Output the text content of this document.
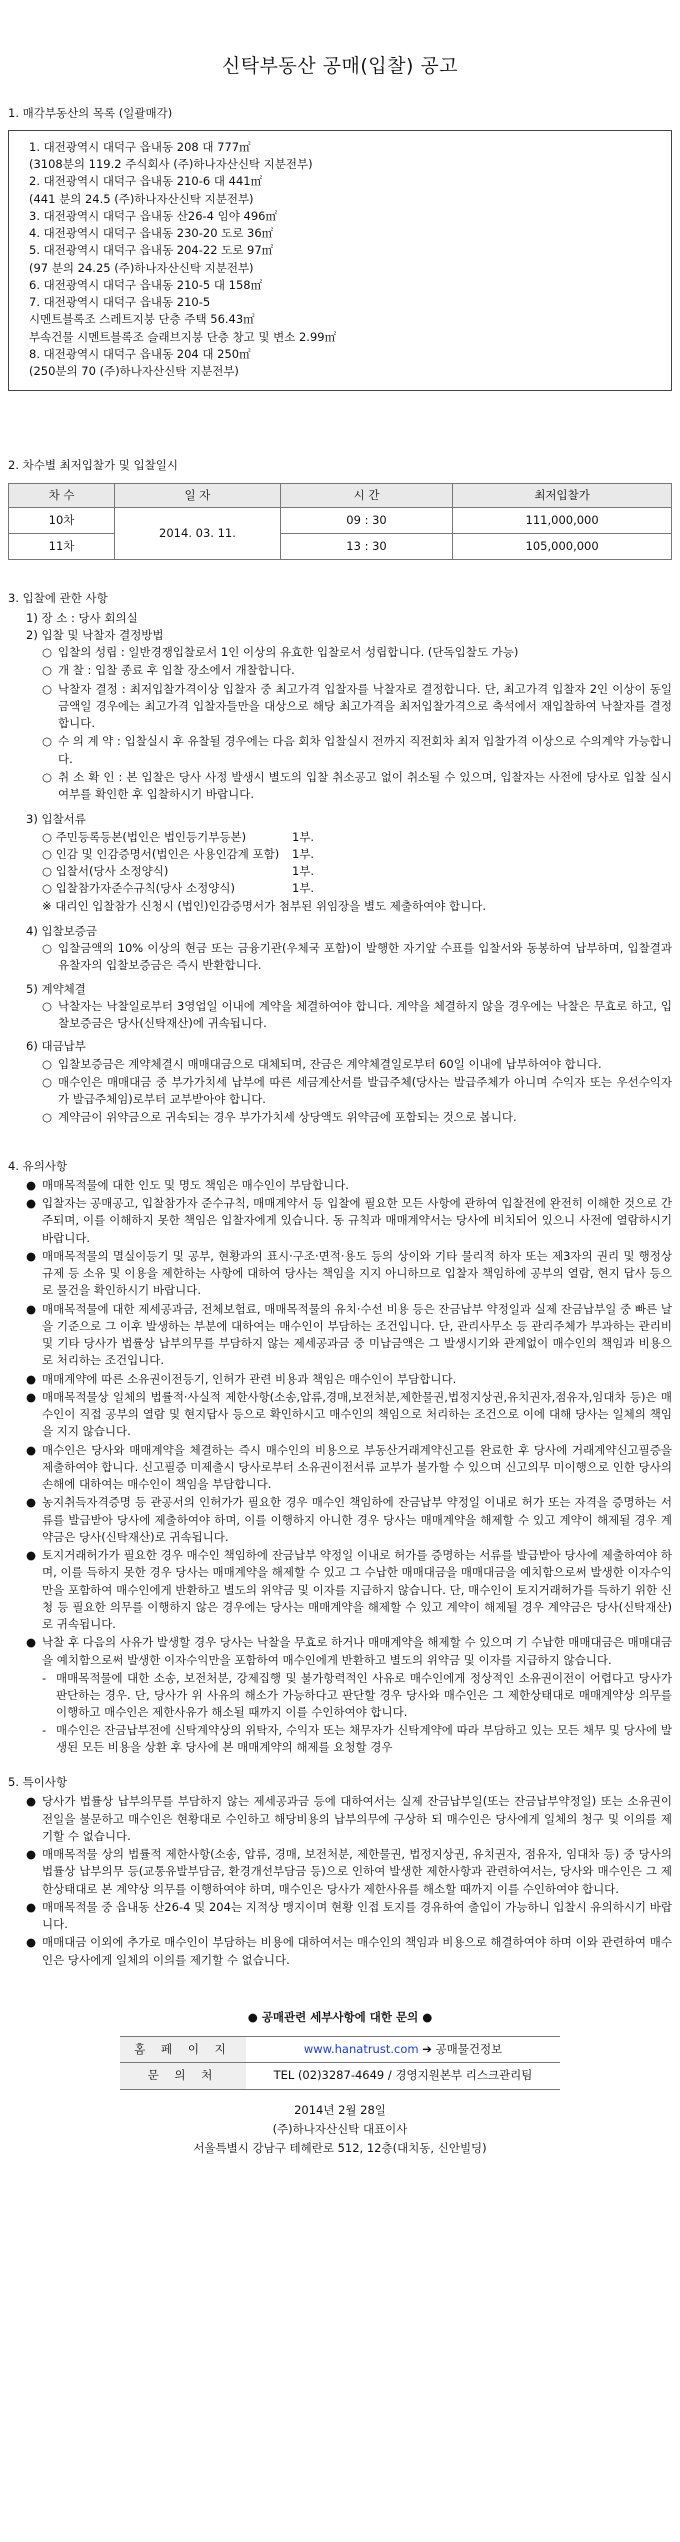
신탁부동산 공매(입찰) 공고
1. 매각부동산의 목록 (일괄매각)
1. 대전광역시 대덕구 읍내동 208 대 777㎡
(3108분의 119.2 주식회사 (주)하나자산신탁 지분전부)
2. 대전광역시 대덕구 읍내동 210-6 대 441㎡
(441 분의 24.5 (주)하나자산신탁 지분전부)
3. 대전광역시 대덕구 읍내동 산26-4 임야 496㎡
4. 대전광역시 대덕구 읍내동 230-20 도로 36㎡
5. 대전광역시 대덕구 읍내동 204-22 도로 97㎡
(97 분의 24.25 (주)하나자산신탁 지분전부)
6. 대전광역시 대덕구 읍내동 210-5 대 158㎡
7. 대전광역시 대덕구 읍내동 210-5
시멘트블록조 스레트지붕 단층 주택 56.43㎡
부속건물 시멘트블록조 슬래브지붕 단층 창고 및 변소 2.99㎡
8. 대전광역시 대덕구 읍내동 204 대 250㎡
(250분의 70 (주)하나자산신탁 지분전부)
2. 차수별 최저입찰가 및 입찰일시
차 수	일 자	시 간	최저입찰가
10차	2014. 03. 11.	09 : 30	111,000,000
11차		13 : 30	105,000,000
3. 입찰에 관한 사항
1) 장 소 : 당사 회의실
2) 입찰 및 낙찰자 결정방법
○ 입찰의 성립 : 일반경쟁입찰로서 1인 이상의 유효한 입찰로서 성립합니다. (단독입찰도 가능)
○ 개 찰 : 입찰 종료 후 입찰 장소에서 개찰합니다.
○ 낙찰자 결정 : 최저입찰가격이상 입찰자 중 최고가격 입찰자를 낙찰자로 결정합니다. 단, 최고가격 입찰자 2인 이상이 동일금액일 경우에는 최고가격 입찰자들만을 대상으로 해당 최고가격을 최저입찰가격으로 축석에서 재입찰하여 낙찰자를 결정합니다.
○ 수 의 계 약 : 입찰실시 후 유찰될 경우에는 다음 회차 입찰실시 전까지 직전회차 최저 입찰가격 이상으로 수의계약 가능합니다.
○ 취 소 확 인 : 본 입찰은 당사 사정 발생시 별도의 입찰 취소공고 없이 취소될 수 있으며, 입찰자는 사전에 당사로 입찰 실시 여부를 확인한 후 입찰하시기 바랍니다.
3) 입찰서류
○ 주민등록등본(법인은 법인등기부등본)	1부.
○ 인감 및 인감증명서(법인은 사용인감계 포함)	1부.
○ 입찰서(당사 소정양식)	1부.
○ 입찰참가자준수규칙(당사 소정양식)	1부.
※ 대리인 입찰참가 신청시 (법인)인감증명서가 첨부된 위임장을 별도 제출하여야 합니다.
4) 입찰보증금
○ 입찰금액의 10% 이상의 현금 또는 금융기관(우체국 포함)이 발행한 자기앞 수표를 입찰서와 동봉하여 납부하며, 입찰결과 유찰자의 입찰보증금은 즉시 반환합니다.
5) 계약체결
○ 낙찰자는 낙찰일로부터 3영업일 이내에 계약을 체결하여야 합니다. 계약을 체결하지 않을 경우에는 낙찰은 무효로 하고, 입찰보증금은 당사(신탁재산)에 귀속됩니다.
6) 대금납부
○ 입찰보증금은 계약체결시 매매대금으로 대체되며, 잔금은 계약체결일로부터 60일 이내에 납부하여야 합니다.
○ 매수인은 매매대금 중 부가가치세 납부에 따른 세금계산서를 발급주체(당사는 발급주체가 아니며 수익자 또는 우선수익자가 발급주체임)로부터 교부받아야 합니다.
○ 계약금이 위약금으로 귀속되는 경우 부가가치세 상당액도 위약금에 포함되는 것으로 봅니다.
4. 유의사항
● 매매목적물에 대한 인도 및 명도 책임은 매수인이 부담합니다.
● 입찰자는 공매공고, 입찰참가자 준수규칙, 매매계약서 등 입찰에 필요한 모든 사항에 관하여 입찰전에 완전히 이해한 것으로 간주되며, 이를 이해하지 못한 책임은 입찰자에게 있습니다. 동 규칙과 매매계약서는 당사에 비치되어 있으니 사전에 열람하시기 바랍니다.
● 매매목적물의 멸실이등기 및 공부, 현황과의 표시·구조·면적·용도 등의 상이와 기타 물리적 하자 또는 제3자의 권리 및 행정상 규제 등 소유 및 이용을 제한하는 사항에 대하여 당사는 책임을 지지 아니하므로 입찰자 책임하에 공부의 열람, 현지 답사 등으로 물건을 확인하시기 바랍니다.
● 매매목적물에 대한 제세공과금, 전체보험료, 매매목적물의 유치·수선 비용 등은 잔금납부 약정일과 실제 잔금납부일 중 빠른 날을 기준으로 그 이후 발생하는 부분에 대하여는 매수인이 부담하는 조건입니다. 단, 관리사무소 등 관리주체가 부과하는 관리비 및 기타 당사가 법률상 납부의무를 부담하지 않는 제세공과금 중 미납금액은 그 발생시기와 관계없이 매수인의 책임과 비용으로 처리하는 조건입니다.
● 매매계약에 따른 소유권이전등기, 인허가 관련 비용과 책임은 매수인이 부담합니다.
● 매매목적물상 일체의 법률적·사실적 제한사항(소송,압류,경매,보전처분,제한물권,법정지상권,유치권자,점유자,임대차 등)은 매수인이 직접 공부의 열람 및 현지답사 등으로 확인하시고 매수인의 책임으로 처리하는 조건으로 이에 대해 당사는 일체의 책임을 지지 않습니다.
● 매수인은 당사와 매매계약을 체결하는 즉시 매수인의 비용으로 부동산거래계약신고를 완료한 후 당사에 거래계약신고필증을 제출하여야 합니다. 신고필증 미제출시 당사로부터 소유권이전서류 교부가 불가할 수 있으며 신고의무 미이행으로 인한 당사의 손해에 대하여는 매수인이 책임을 부담합니다.
● 농지취득자격증명 등 관공서의 인허가가 필요한 경우 매수인 책임하에 잔금납부 약정일 이내로 허가 또는 자격을 증명하는 서류를 발급받아 당사에 제출하여야 하며, 이를 이행하지 아니한 경우 당사는 매매계약을 해제할 수 있고 계약이 해제될 경우 계약금은 당사(신탁재산)로 귀속됩니다.
● 토지거래허가가 필요한 경우 매수인 책임하에 잔금납부 약정일 이내로 허가를 증명하는 서류를 발급받아 당사에 제출하여야 하며, 이를 득하지 못한 경우 당사는 매매계약을 해제할 수 있고 그 수납한 매매대금을 매매대금을 예치함으로써 발생한 이자수익만을 포함하여 매수인에게 반환하고 별도의 위약금 및 이자를 지급하지 않습니다. 단, 매수인이 토지거래허가를 득하기 위한 신청 등 필요한 의무를 이행하지 않은 경우에는 당사는 매매계약을 해제할 수 있고 계약이 해제될 경우 계약금은 당사(신탁재산)로 귀속됩니다.
● 낙찰 후 다음의 사유가 발생할 경우 당사는 낙찰을 무효로 하거나 매매계약을 해제할 수 있으며 기 수납한 매매대금은 매매대금을 예치함으로써 발생한 이자수익만을 포함하여 매수인에게 반환하고 별도의 위약금 및 이자를 지급하지 않습니다.
- 매매목적물에 대한 소송, 보전처분, 강제집행 및 불가항력적인 사유로 매수인에게 정상적인 소유권이전이 어렵다고 당사가 판단하는 경우. 단, 당사가 위 사유의 해소가 가능하다고 판단할 경우 당사와 매수인은 그 제한상태대로 매매계약상 의무를 이행하고 매수인은 제한사유가 해소될 때까지 이를 수인하여야 합니다.
- 매수인은 잔금납부전에 신탁계약상의 위탁자, 수익자 또는 채무자가 신탁계약에 따라 부담하고 있는 모든 채무 및 당사에 발생된 모든 비용을 상환 후 당사에 본 매매계약의 해제를 요청할 경우
5. 특이사항
● 당사가 법률상 납부의무를 부담하지 않는 제세공과금 등에 대하여서는 실제 잔금납부일(또는 잔금납부약정일) 또는 소유권이전일을 불문하고 매수인은 현황대로 수인하고 해당비용의 납부의무에 구상하 되 매수인은 당사에게 일체의 청구 및 이의를 제기할 수 없습니다.
● 매매목적물 상의 법률적 제한사항(소송, 압류, 경매, 보전처분, 제한물권, 법정지상권, 유치권자, 점유자, 임대차 등) 중 당사의 법률상 납부의무 등(교통유발부담금, 환경개선부담금 등)으로 인하여 발생한 제한사항과 관련하여서는, 당사와 매수인은 그 제한상태대로 본 계약상 의무를 이행하여야 하며, 매수인은 당사가 제한사유를 해소할 때까지 이를 수인하여야 합니다.
● 매매목적물 중 읍내동 산26-4 및 204는 지적상 맹지이며 현황 인접 토지를 경유하여 출입이 가능하니 입찰시 유의하시기 바랍니다.
● 매매대금 이외에 추가로 매수인이 부담하는 비용에 대하여서는 매수인의 책임과 비용으로 해결하여야 하며 이와 관련하여 매수인은 당사에게 일체의 이의를 제기할 수 없습니다.
● 공매관련 세부사항에 대한 문의 ●
홈 페 이 지	www.hanatrust.com ➔ 공매물건정보
문 의 처	TEL (02)3287-4649 / 경영지원본부 리스크관리팀
2014년 2월 28일
(주)하나자산신탁 대표이사
서울특별시 강남구 테헤란로 512, 12층(대치동, 신안빌딩)
